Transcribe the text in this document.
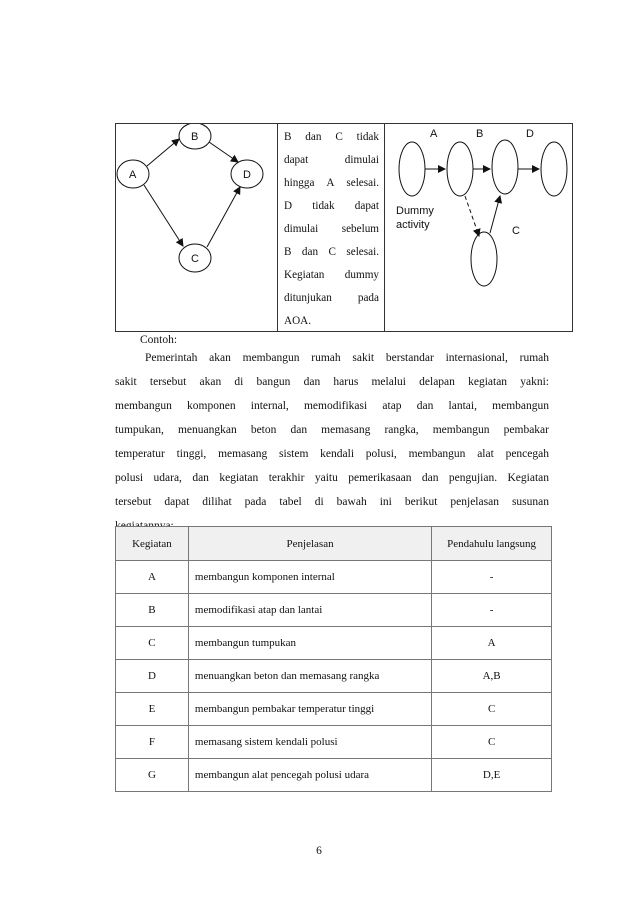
A
B
C
D
B dan C tidak
dapat dimulai
hingga A selesai.
D tidak dapat
dimulai sebelum
B dan C selesai.
Kegiatan dummy
ditunjukan pada
AOA.
A	B	D
C
Dummy
activity
Contoh:
Pemerintah akan membangun rumah sakit berstandar internasional, rumah
sakit tersebut akan di bangun dan harus melalui delapan kegiatan yakni:
membangun komponen internal, memodifikasi atap dan lantai, membangun
tumpukan, menuangkan beton dan memasang rangka, membangun pembakar
temperatur tinggi, memasang sistem kendali polusi, membangun alat pencegah
polusi udara, dan kegiatan terakhir yaitu pemerikasaan dan pengujian. Kegiatan
tersebut dapat dilihat pada tabel di bawah ini berikut penjelasan susunan
Kegiatan	Penjelasan	Pendahulu langsung
A	membangun komponen internal	-
B	memodifikasi atap dan lantai	-
C	membangun tumpukan	A
D	menuangkan beton dan memasang rangka	A,B
E	membangun pembakar temperatur tinggi	C
F	memasang sistem kendali polusi	C
G	membangun alat pencegah polusi udara	D,E
6
